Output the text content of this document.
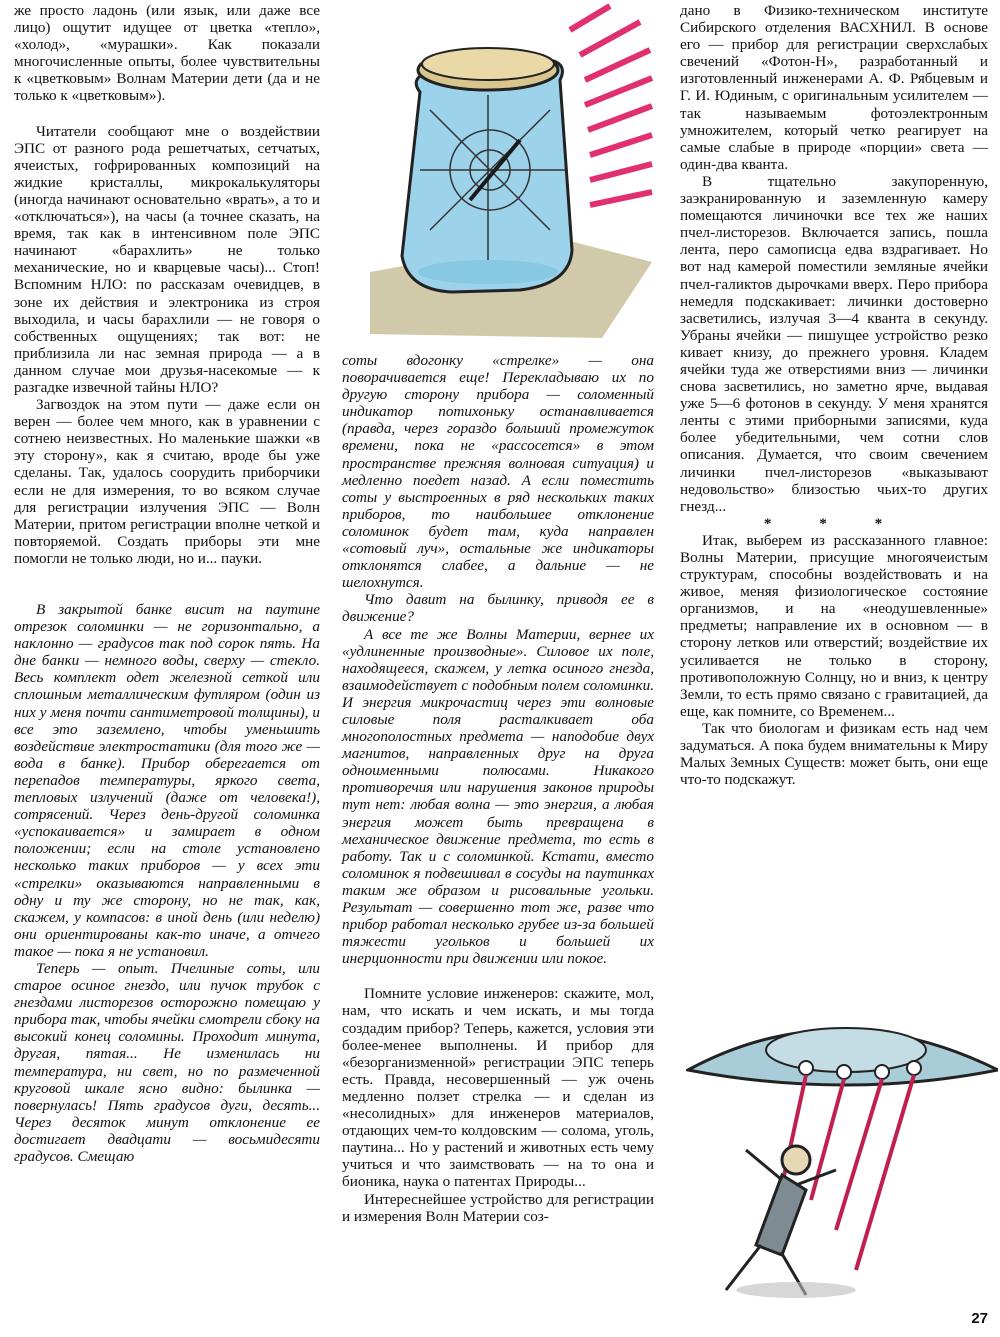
же просто ладонь (или язык, или даже все лицо) ощутит идущее от цветка «тепло», «холод», «мурашки». Как показали многочисленные опыты, более чувствительны к «цветковым» Волнам Материи дети (да и не только к «цветковым»).

Читатели сообщают мне о воздействии ЭПС от разного рода решетчатых, сетчатых, ячеистых, гофрированных композиций на жидкие кристаллы, микрокалькуляторы (иногда начинают основательно «врать», а то и «отключаться»), на часы (а точнее сказать, на время, так как в интенсивном поле ЭПС начинают «барахлить» не только механические, но и кварцевые часы)... Стоп! Вспомним НЛО: по рассказам очевидцев, в зоне их действия и электроника из строя выходила, и часы барахлили — не говоря о собственных ощущениях; так вот: не приблизила ли нас земная природа — а в данном случае мои друзья-насекомые — к разгадке извечной тайны НЛО?

Загвоздок на этом пути — даже если он верен — более чем много, как в уравнении с сотнею неизвестных. Но маленькие шажки «в эту сторону», как я считаю, вроде бы уже сделаны. Так, удалось соорудить приборчики если не для измерения, то во всяком случае для регистрации излучения ЭПС — Волн Материи, притом регистрации вполне четкой и повторяемой. Создать приборы эти мне помогли не только люди, но и... пауки.

В закрытой банке висит на паутине отрезок соломинки — не горизонтально, а наклонно — градусов так под сорок пять. На дне банки — немного воды, сверху — стекло. Весь комплект одет железной сеткой или сплошным металлическим футляром (один из них у меня почти сантиметровой толщины), и все это заземлено, чтобы уменьшить воздействие электростатики (для того же — вода в банке). Прибор оберегается от перепадов температуры, яркого света, тепловых излучений (даже от человека!), сотрясений. Через день-другой соломинка «успокаивается» и замирает в одном положении; если на столе установлено несколько таких приборов — у всех эти «стрелки» оказываются направленными в одну и ту же сторону, но не так, как, скажем, у компасов: в иной день (или неделю) они ориентированы как-то иначе, а отчего такое — пока я не установил.

Теперь — опыт. Пчелиные соты, или старое осиное гнездо, или пучок трубок с гнездами листорезов осторожно помещаю у прибора так, чтобы ячейки смотрели сбоку на высокий конец соломины. Проходит минута, другая, пятая... Не изменилась ни температура, ни свет, но по размеченной круговой шкале ясно видно: былинка — повернулась! Пять градусов дуги, десять... Через десяток минут отклонение ее достигает двадцати — восьмидесяти градусов. Смещаю

соты вдогонку «стрелке» — она поворачивается еще! Перекладываю их по другую сторону прибора — соломенный индикатор потихоньку останавливается (правда, через гораздо больший промежуток времени, пока не «рассосется» в этом пространстве прежняя волновая ситуация) и медленно поедет назад. А если поместить соты у выстроенных в ряд нескольких таких приборов, то наибольшее отклонение соломинок будет там, куда направлен «сотовый луч», остальные же индикаторы отклонятся слабее, а дальние — не шелохнутся.

Что давит на былинку, приводя ее в движение?

А все те же Волны Материи, вернее их «удлиненные производные». Силовое их поле, находящееся, скажем, у летка осиного гнезда, взаимодействует с подобным полем соломинки. И энергия микрочастиц через эти волновые силовые поля расталкивает оба многополостных предмета — наподобие двух магнитов, направленных друг на друга одноименными полюсами. Никакого противоречия или нарушения законов природы тут нет: любая волна — это энергия, а любая энергия может быть превращена в механическое движение предмета, то есть в работу. Так и с соломинкой. Кстати, вместо соломинок я подвешивал в сосуды на паутинках таким же образом и рисовальные угольки. Результат — совершенно тот же, разве что прибор работал несколько грубее из-за большей тяжести угольков и большей их инерционности при движении или покое.

Помните условие инженеров: скажите, мол, нам, что искать и чем искать, и мы тогда создадим прибор? Теперь, кажется, условия эти более-менее выполнены. И прибор для «безорганизменной» регистрации ЭПС теперь есть. Правда, несовершенный — уж очень медленно ползет стрелка — и сделан из «несолидных» для инженеров материалов, отдающих чем-то колдовским — солома, уголь, паутина... Но у растений и животных есть чему учиться и что заимствовать — на то она и бионика, наука о патентах Природы...

Интереснейшее устройство для регистрации и измерения Волн Материи соз-

дано в Физико-техническом институте Сибирского отделения ВАСХНИЛ. В основе его — прибор для регистрации сверхслабых свечений «Фотон-Н», разработанный и изготовленный инженерами А. Ф. Рябцевым и Г. И. Юдиным, с оригинальным усилителем — так называемым фотоэлектронным умножителем, который четко реагирует на самые слабые в природе «порции» света — один-два кванта.

В тщательно закупоренную, заэкранированную и заземленную камеру помещаются личиночки все тех же наших пчел-листорезов. Включается запись, пошла лента, перо самописца едва вздрагивает. Но вот над камерой поместили земляные ячейки пчел-галиктов дырочками вверх. Перо прибора немедля подскакивает: личинки достоверно засветились, излучая 3—4 кванта в секунду. Убраны ячейки — пишущее устройство резко кивает книзу, до прежнего уровня. Кладем ячейки туда же отверстиями вниз — личинки снова засветились, но заметно ярче, выдавая уже 5—6 фотонов в секунду. У меня хранятся ленты с этими приборными записями, куда более убедительными, чем сотни слов описания. Думается, что своим свечением личинки пчел-листорезов «выказывают недовольство» близостью чьих-то других гнезд...

* * *

Итак, выберем из рассказанного главное: Волны Материи, присущие многоячеистым структурам, способны воздействовать и на живое, меняя физиологическое состояние организмов, и на «неодушевленные» предметы; направление их в основном — в сторону летков или отверстий; воздействие их усиливается не только в сторону, противоположную Солнцу, но и вниз, к центру Земли, то есть прямо связано с гравитацией, да еще, как помните, со Временем...

Так что биологам и физикам есть над чем задуматься. А пока будем внимательны к Миру Малых Земных Существ: может быть, они еще что-то подскажут.

27
